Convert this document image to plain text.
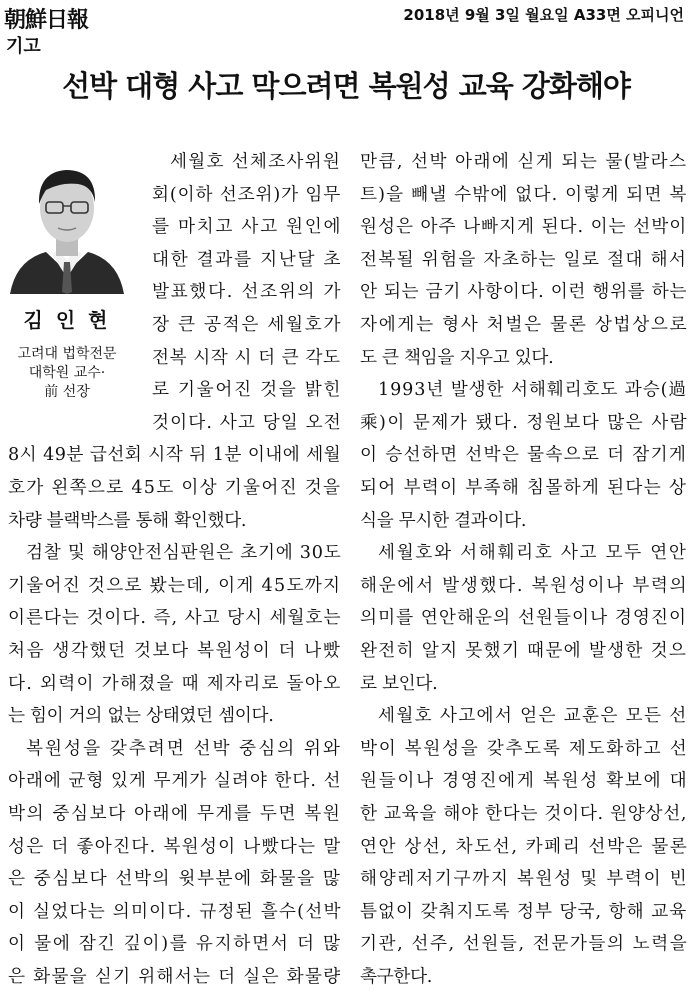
朝鮮日報	2018년 9월 3일 월요일 A33면 오피니언
기고
선박 대형 사고 막으려면 복원성 교육 강화해야
김 인 현
고려대 법학전문
대학원 교수·
前 선장
세월호 선체조사위원
회(이하 선조위)가 임무
를 마치고 사고 원인에
대한 결과를 지난달 초
발표했다. 선조위의 가
장 큰 공적은 세월호가
전복 시작 시 더 큰 각도
로 기울어진 것을 밝힌
것이다. 사고 당일 오전
8시 49분 급선회 시작 뒤 1분 이내에 세월
호가 왼쪽으로 45도 이상 기울어진 것을
차량 블랙박스를 통해 확인했다.
검찰 및 해양안전심판원은 초기에 30도
기울어진 것으로 봤는데, 이게 45도까지
이른다는 것이다. 즉, 사고 당시 세월호는
처음 생각했던 것보다 복원성이 더 나빴
다. 외력이 가해졌을 때 제자리로 돌아오
는 힘이 거의 없는 상태였던 셈이다.
복원성을 갖추려면 선박 중심의 위와
아래에 균형 있게 무게가 실려야 한다. 선
박의 중심보다 아래에 무게를 두면 복원
성은 더 좋아진다. 복원성이 나빴다는 말
은 중심보다 선박의 윗부분에 화물을 많
이 실었다는 의미이다. 규정된 흘수(선박
이 물에 잠긴 깊이)를 유지하면서 더 많
은 화물을 싣기 위해서는 더 실은 화물량
만큼, 선박 아래에 싣게 되는 물(발라스
트)을 빼낼 수밖에 없다. 이렇게 되면 복
원성은 아주 나빠지게 된다. 이는 선박이
전복될 위험을 자초하는 일로 절대 해서
안 되는 금기 사항이다. 이런 행위를 하는
자에게는 형사 처벌은 물론 상법상으로
도 큰 책임을 지우고 있다.
1993년 발생한 서해훼리호도 과승(過
乘)이 문제가 됐다. 정원보다 많은 사람
이 승선하면 선박은 물속으로 더 잠기게
되어 부력이 부족해 침몰하게 된다는 상
식을 무시한 결과이다.
세월호와 서해훼리호 사고 모두 연안
해운에서 발생했다. 복원성이나 부력의
의미를 연안해운의 선원들이나 경영진이
완전히 알지 못했기 때문에 발생한 것으
로 보인다.
세월호 사고에서 얻은 교훈은 모든 선
박이 복원성을 갖추도록 제도화하고 선
원들이나 경영진에게 복원성 확보에 대
한 교육을 해야 한다는 것이다. 원양상선,
연안 상선, 차도선, 카페리 선박은 물론
해양레저기구까지 복원성 및 부력이 빈
틈없이 갖춰지도록 정부 당국, 항해 교육
기관, 선주, 선원들, 전문가들의 노력을
촉구한다.
